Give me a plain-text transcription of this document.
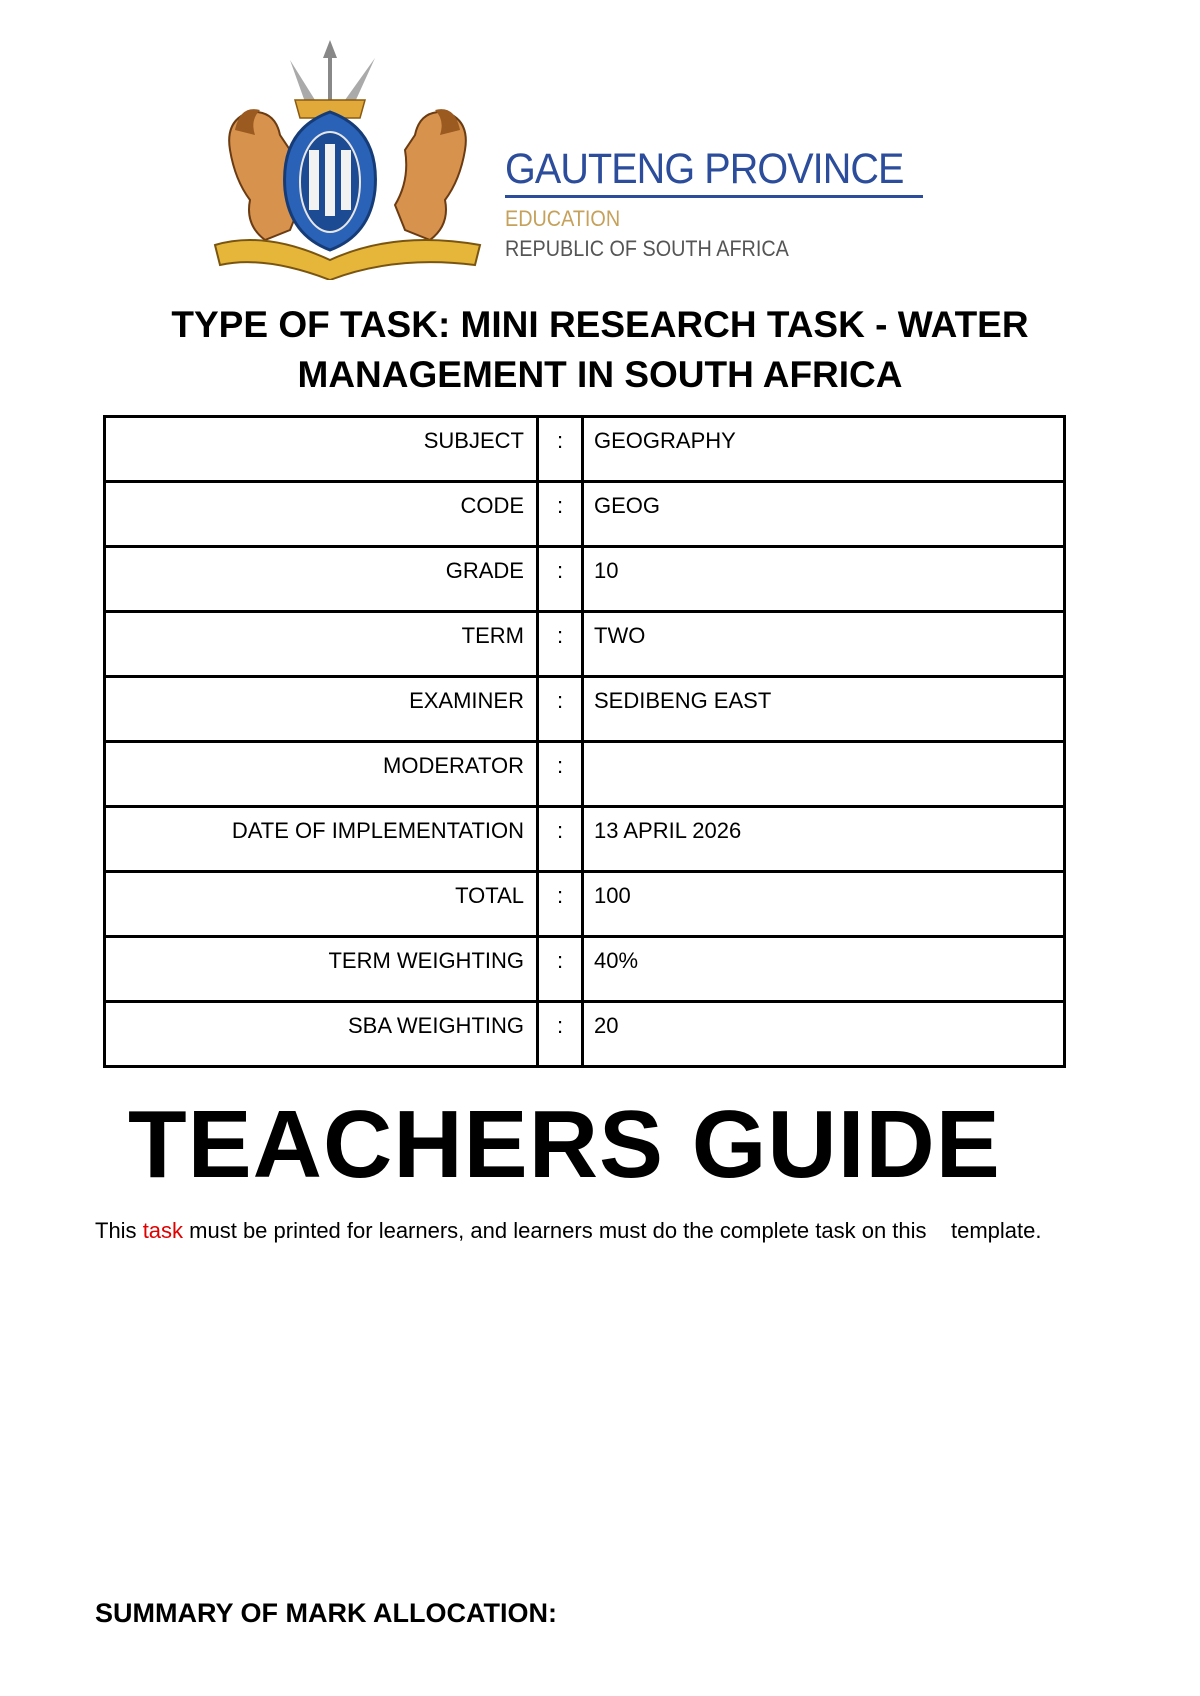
GAUTENG PROVINCE
EDUCATION
REPUBLIC OF SOUTH AFRICA
TYPE OF TASK: MINI RESEARCH TASK - WATER MANAGEMENT IN SOUTH AFRICA
SUBJECT	:	GEOGRAPHY
CODE	:	GEOG
GRADE	:	10
TERM	:	TWO
EXAMINER	:	SEDIBENG EAST
MODERATOR	:	
DATE OF IMPLEMENTATION	:	13 APRIL 2026
TOTAL	:	100
TERM WEIGHTING	:	40%
SBA WEIGHTING	:	20
TEACHERS GUIDE
This task must be printed for learners, and learners must do the complete task on this    template.
SUMMARY OF MARK ALLOCATION:
